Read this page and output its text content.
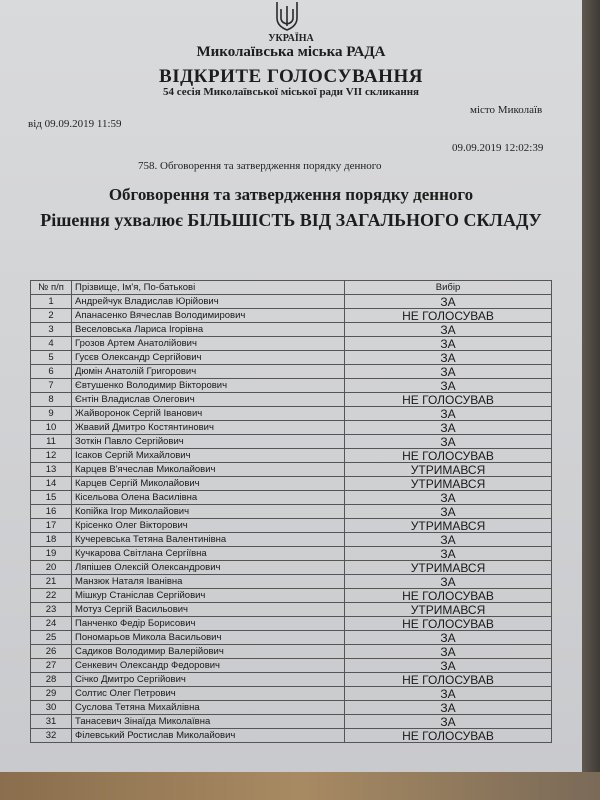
УКРАЇНА

Миколаївська міська РАДА

ВІДКРИТЕ ГОЛОСУВАННЯ

54 сесія Миколаївської міської ради VII скликання

місто Миколаїв

від 09.09.2019 11:59

09.09.2019 12:02:39

758. Обговорення та затвердження порядку денного

Обговорення та затвердження порядку денного

Рішення ухвалює БІЛЬШІСТЬ ВІД ЗАГАЛЬНОГО СКЛАДУ

№ п/п	Прізвище, Ім'я, По-батькові	Вибір
1	Андрейчук Владислав Юрійович	ЗА
2	Апанасенко Вячеслав Володимирович	НЕ ГОЛОСУВАВ
3	Веселовська Лариса Ігорівна	ЗА
4	Грозов Артем Анатолійович	ЗА
5	Гусєв Олександр Сергійович	ЗА
6	Дюмін Анатолій Григорович	ЗА
7	Євтушенко Володимир Вікторович	ЗА
8	Єнтін Владислав Олегович	НЕ ГОЛОСУВАВ
9	Жайворонок Сергій Іванович	ЗА
10	Жвавий Дмитро Костянтинович	ЗА
11	Зоткін Павло Сергійович	ЗА
12	Ісаков Сергій Михайлович	НЕ ГОЛОСУВАВ
13	Карцев В'ячеслав Миколайович	УТРИМАВСЯ
14	Карцев Сергій Миколайович	УТРИМАВСЯ
15	Кісельова Олена Василівна	ЗА
16	Копійка Ігор Миколайович	ЗА
17	Крісенко Олег Вікторович	УТРИМАВСЯ
18	Кучеревська Тетяна Валентинівна	ЗА
19	Кучкарова Світлана Сергіївна	ЗА
20	Ляпішев Олексій Олександрович	УТРИМАВСЯ
21	Манзюк Наталя Іванівна	ЗА
22	Мішкур Станіслав Сергійович	НЕ ГОЛОСУВАВ
23	Мотуз Сергій Васильович	УТРИМАВСЯ
24	Панченко Федір Борисович	НЕ ГОЛОСУВАВ
25	Пономарьов Микола Васильович	ЗА
26	Садиков Володимир Валерійович	ЗА
27	Сенкевич Олександр Федорович	ЗА
28	Січко Дмитро Сергійович	НЕ ГОЛОСУВАВ
29	Солтис Олег Петрович	ЗА
30	Суслова Тетяна Михайлівна	ЗА
31	Танасевич Зінаїда Миколаївна	ЗА
32	Філевський Ростислав Миколайович	НЕ ГОЛОСУВАВ
